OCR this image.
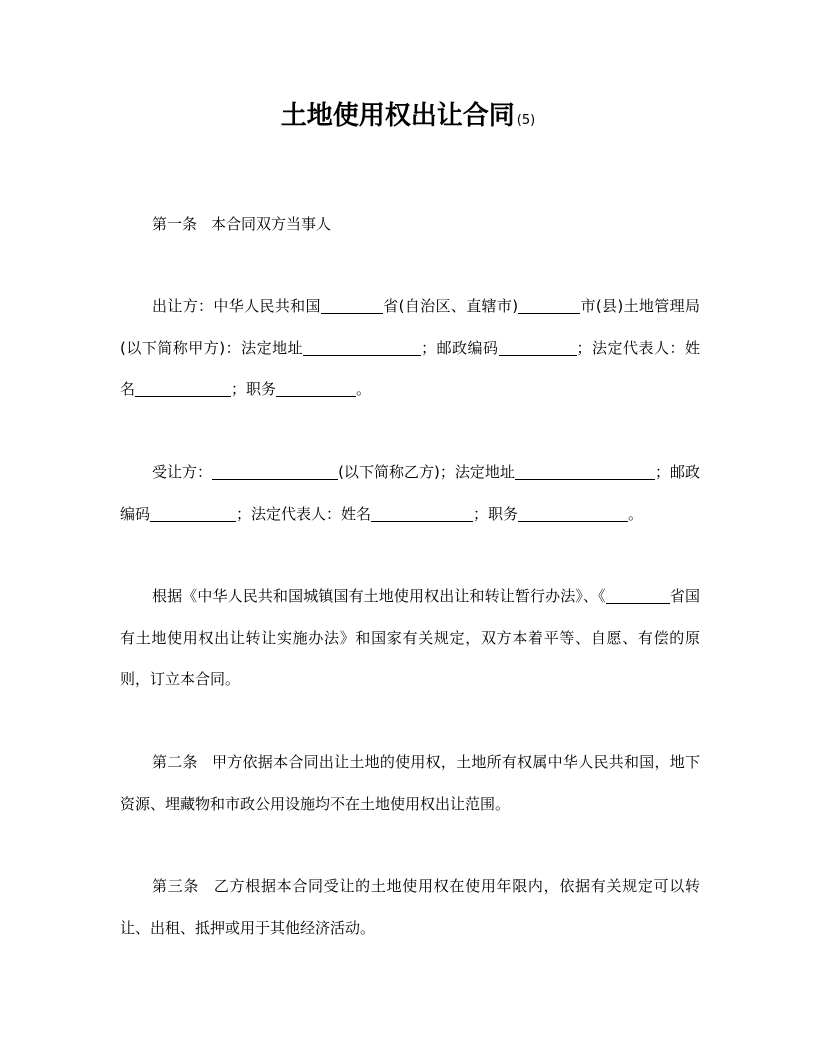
土地使用权出让合同 (5)

第一条 本合同双方当事人

出让方：中华人民共和国	省(自治区、直辖市)	市(县)土地管理局(以下简称甲方)：法定地址	；邮政编码	；法定代表人：姓名	；职务	。

受让方：	(以下简称乙方)；法定地址	；邮政编码	；法定代表人：姓名	；职务	。

根据《中华人民共和国城镇国有土地使用权出让和转让暂行办法》、《	省国有土地使用权出让转让实施办法》和国家有关规定，双方本着平等、自愿、有偿的原则，订立本合同。

第二条 甲方依据本合同出让土地的使用权，土地所有权属中华人民共和国，地下资源、埋藏物和市政公用设施均不在土地使用权出让范围。

第三条 乙方根据本合同受让的土地使用权在使用年限内，依据有关规定可以转让、出租、抵押或用于其他经济活动。
